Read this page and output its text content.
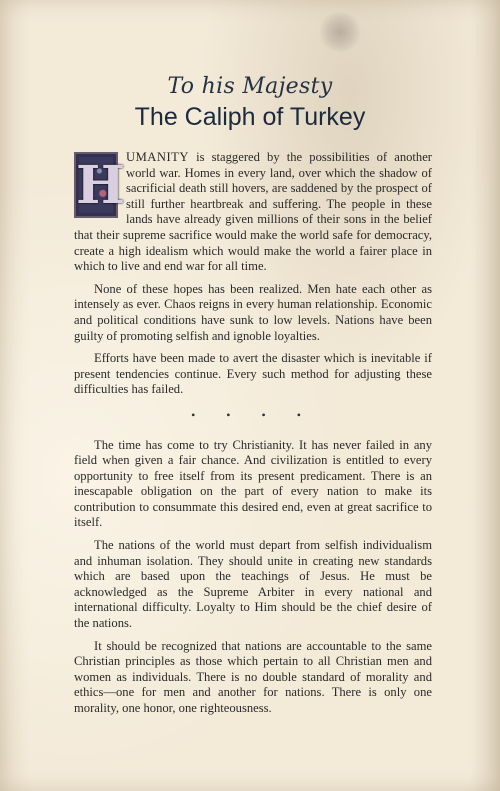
To his Majesty
The Caliph of Turkey

H UMANITY is staggered by the possibilities of another world war. Homes in every land, over which the shadow of sacrificial death still hovers, are saddened by the prospect of still further heartbreak and suffering. The people in these lands have already given millions of their sons in the belief that their supreme sacrifice would make the world safe for democracy, create a high idealism which would make the world a fairer place in which to live and end war for all time.

None of these hopes has been realized. Men hate each other as intensely as ever. Chaos reigns in every human relationship. Economic and political conditions have sunk to low levels. Nations have been guilty of promoting selfish and ignoble loyalties.

Efforts have been made to avert the disaster which is inevitable if present tendencies continue. Every such method for adjusting these difficulties has failed.

• • • •

The time has come to try Christianity. It has never failed in any field when given a fair chance. And civilization is entitled to every opportunity to free itself from its present predicament. There is an inescapable obligation on the part of every nation to make its contribution to consummate this desired end, even at great sacrifice to itself.

The nations of the world must depart from selfish individualism and inhuman isolation. They should unite in creating new standards which are based upon the teachings of Jesus. He must be acknowledged as the Supreme Arbiter in every national and international difficulty. Loyalty to Him should be the chief desire of the nations.

It should be recognized that nations are accountable to the same Christian principles as those which pertain to all Christian men and women as individuals. There is no double standard of morality and ethics—one for men and another for nations. There is only one morality, one honor, one righteousness.
